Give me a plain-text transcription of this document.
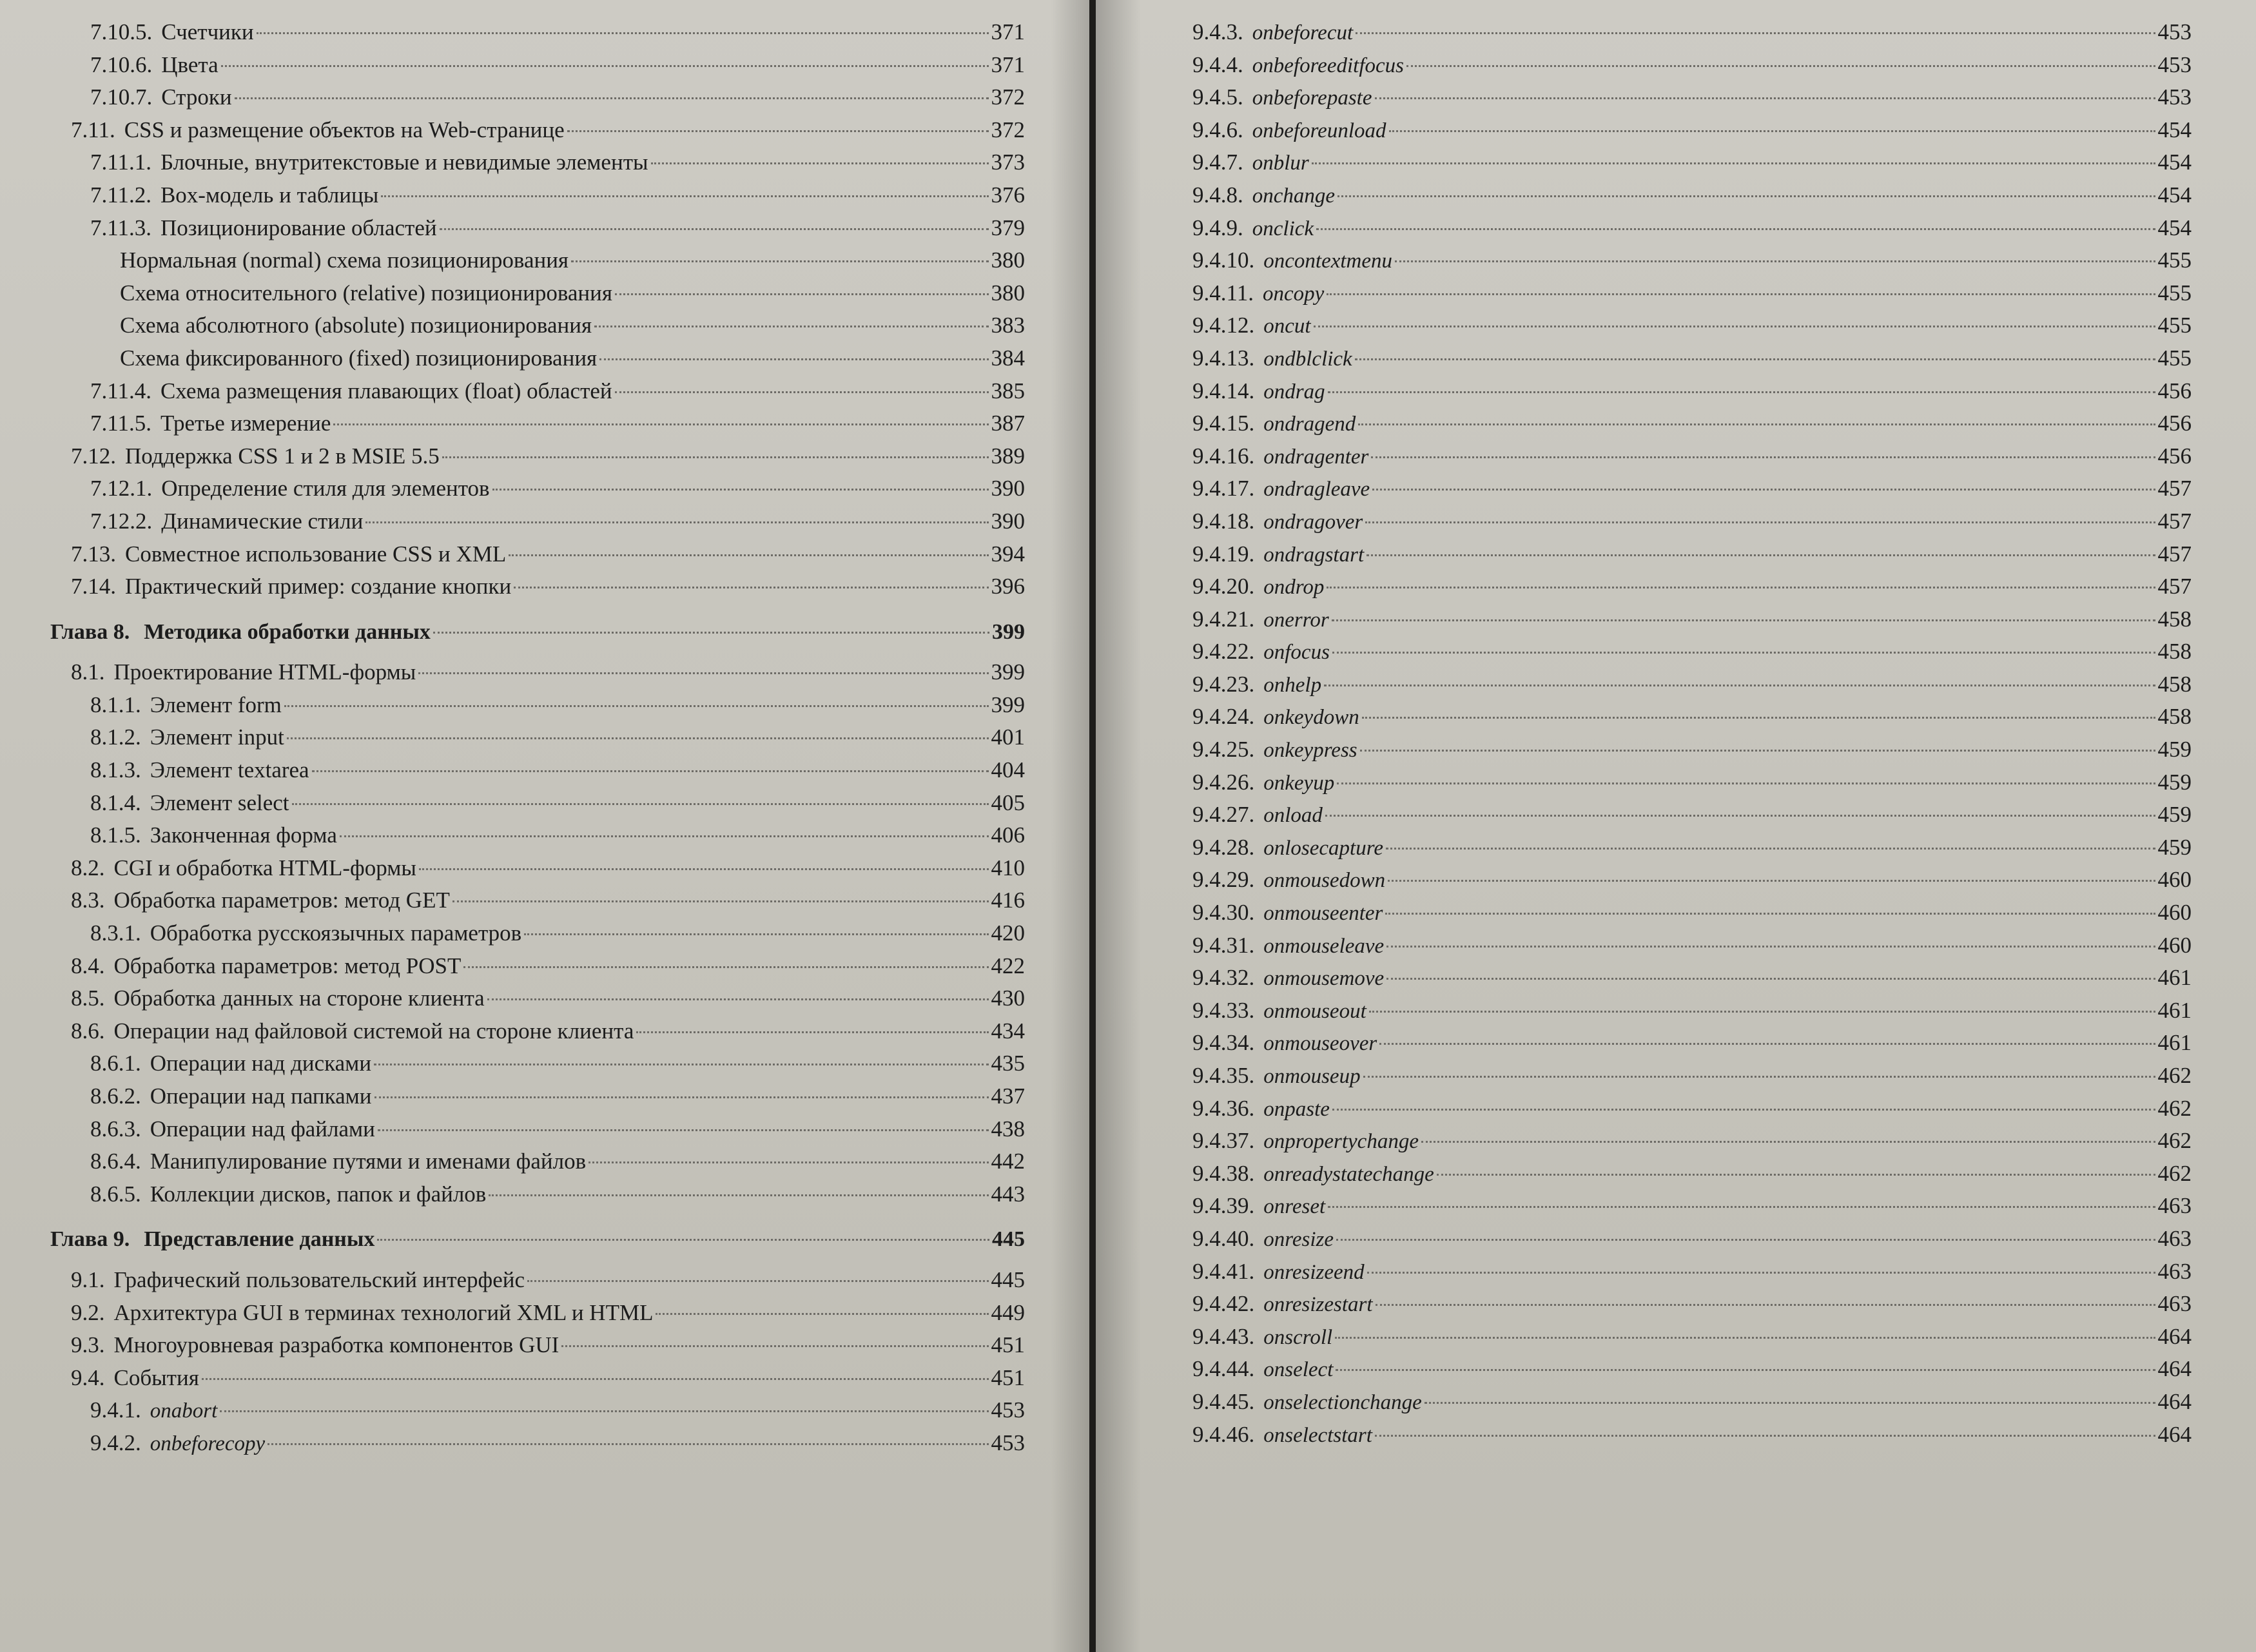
7.10.5. Счетчики	371
7.10.6. Цвета	371
7.10.7. Строки	372
7.11. CSS и размещение объектов на Web-странице	372
7.11.1. Блочные, внутритекстовые и невидимые элементы	373
7.11.2. Box-модель и таблицы	376
7.11.3. Позиционирование областей	379
Нормальная (normal) схема позиционирования	380
Схема относительного (relative) позиционирования	380
Схема абсолютного (absolute) позиционирования	383
Схема фиксированного (fixed) позиционирования	384
7.11.4. Схема размещения плавающих (float) областей	385
7.11.5. Третье измерение	387
7.12. Поддержка CSS 1 и 2 в MSIE 5.5	389
7.12.1. Определение стиля для элементов	390
7.12.2. Динамические стили	390
7.13. Совместное использование CSS и XML	394
7.14. Практический пример: создание кнопки	396
Глава 8. Методика обработки данных	399
8.1. Проектирование HTML-формы	399
8.1.1. Элемент form	399
8.1.2. Элемент input	401
8.1.3. Элемент textarea	404
8.1.4. Элемент select	405
8.1.5. Законченная форма	406
8.2. CGI и обработка HTML-формы	410
8.3. Обработка параметров: метод GET	416
8.3.1. Обработка русскоязычных параметров	420
8.4. Обработка параметров: метод POST	422
8.5. Обработка данных на стороне клиента	430
8.6. Операции над файловой системой на стороне клиента	434
8.6.1. Операции над дисками	435
8.6.2. Операции над папками	437
8.6.3. Операции над файлами	438
8.6.4. Манипулирование путями и именами файлов	442
8.6.5. Коллекции дисков, папок и файлов	443
Глава 9. Представление данных	445
9.1. Графический пользовательский интерфейс	445
9.2. Архитектура GUI в терминах технологий XML и HTML	449
9.3. Многоуровневая разработка компонентов GUI	451
9.4. События	451
9.4.1. onabort	453
9.4.2. onbeforecopy	453
9.4.3. onbeforecut	453
9.4.4. onbeforeeditfocus	453
9.4.5. onbeforepaste	453
9.4.6. onbeforeunload	454
9.4.7. onblur	454
9.4.8. onchange	454
9.4.9. onclick	454
9.4.10. oncontextmenu	455
9.4.11. oncopy	455
9.4.12. oncut	455
9.4.13. ondblclick	455
9.4.14. ondrag	456
9.4.15. ondragend	456
9.4.16. ondragenter	456
9.4.17. ondragleave	457
9.4.18. ondragover	457
9.4.19. ondragstart	457
9.4.20. ondrop	457
9.4.21. onerror	458
9.4.22. onfocus	458
9.4.23. onhelp	458
9.4.24. onkeydown	458
9.4.25. onkeypress	459
9.4.26. onkeyup	459
9.4.27. onload	459
9.4.28. onlosecapture	459
9.4.29. onmousedown	460
9.4.30. onmouseenter	460
9.4.31. onmouseleave	460
9.4.32. onmousemove	461
9.4.33. onmouseout	461
9.4.34. onmouseover	461
9.4.35. onmouseup	462
9.4.36. onpaste	462
9.4.37. onpropertychange	462
9.4.38. onreadystatechange	462
9.4.39. onreset	463
9.4.40. onresize	463
9.4.41. onresizeend	463
9.4.42. onresizestart	463
9.4.43. onscroll	464
9.4.44. onselect	464
9.4.45. onselectionchange	464
9.4.46. onselectstart	464
